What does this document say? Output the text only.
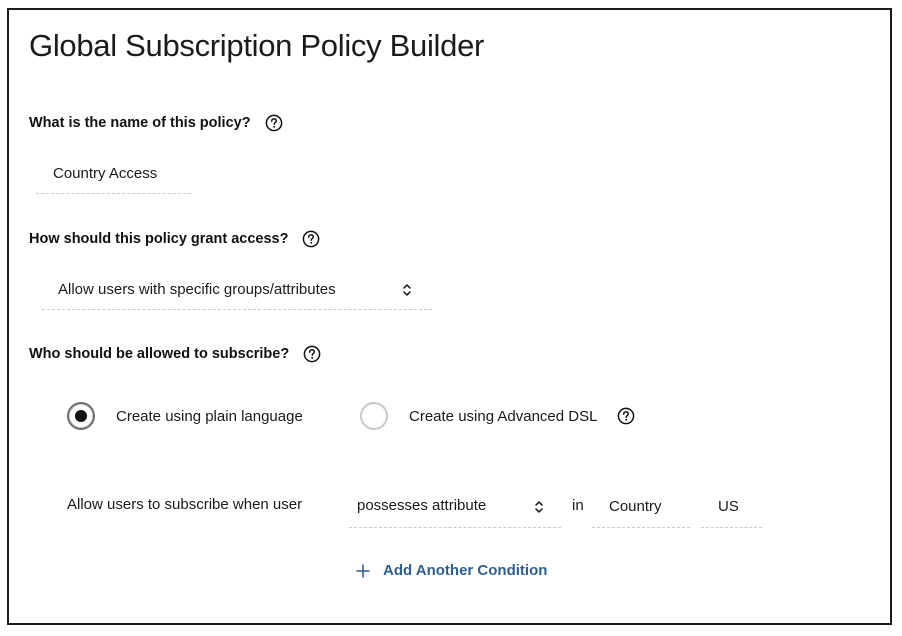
Global Subscription Policy Builder
What is the name of this policy?
Country Access
How should this policy grant access?
Allow users with specific groups/attributes
Who should be allowed to subscribe?
Create using plain language	Create using Advanced DSL
Allow users to subscribe when user	possesses attribute	in
Country
US
Add Another Condition
